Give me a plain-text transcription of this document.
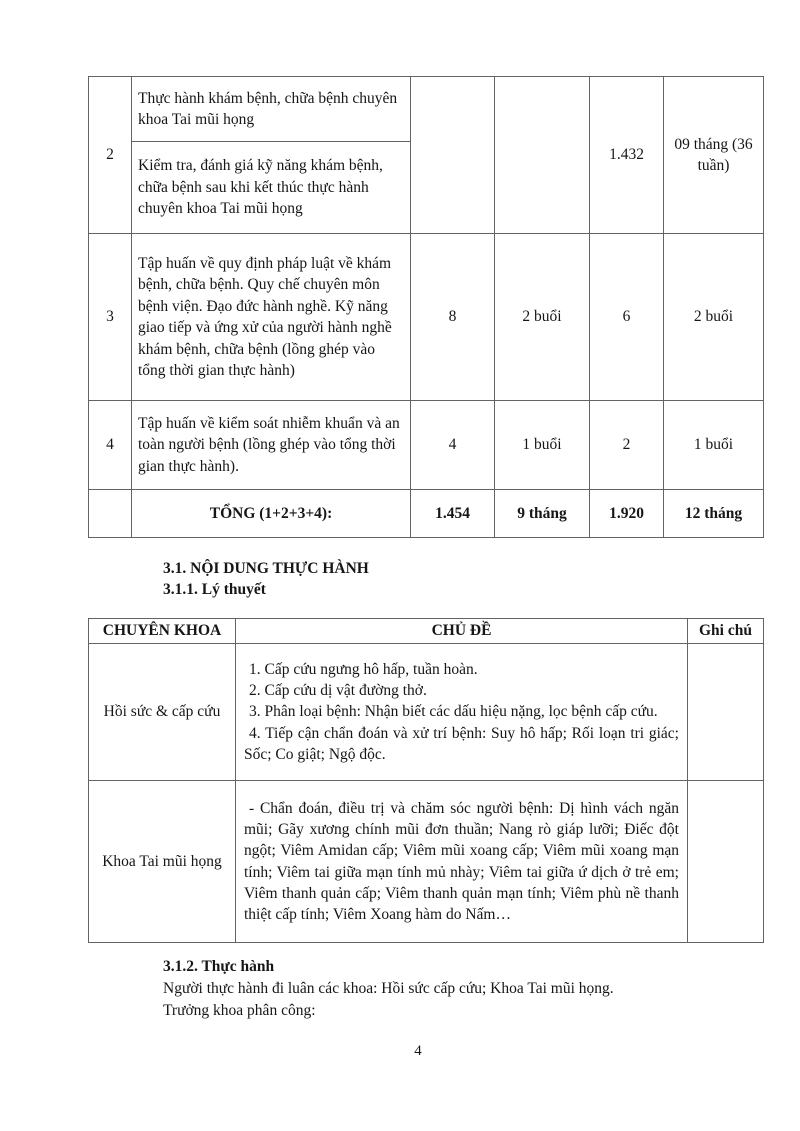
2	Thực hành khám bệnh, chữa bệnh chuyên khoa Tai mũi họng			1.432	09 tháng (36 tuần)
	Kiểm tra, đánh giá kỹ năng khám bệnh, chữa bệnh sau khi kết thúc thực hành chuyên khoa Tai mũi họng				
3	Tập huấn về quy định pháp luật về khám bệnh, chữa bệnh. Quy chế chuyên môn bệnh viện. Đạo đức hành nghề. Kỹ năng giao tiếp và ứng xử của người hành nghề khám bệnh, chữa bệnh (lồng ghép vào tổng thời gian thực hành)	8	2 buổi	6	2 buổi
4	Tập huấn về kiểm soát nhiễm khuẩn và an toàn người bệnh (lồng ghép vào tổng thời gian thực hành).	4	1 buổi	2	1 buổi
	TỔNG (1+2+3+4):	1.454	9 tháng	1.920	12 tháng
3.1. NỘI DUNG THỰC HÀNH
3.1.1. Lý thuyết
CHUYÊN KHOA	CHỦ ĐỀ	Ghi chú
Hồi sức & cấp cứu	1. Cấp cứu ngưng hô hấp, tuần hoàn.
2. Cấp cứu dị vật đường thở.
3. Phân loại bệnh: Nhận biết các dấu hiệu nặng, lọc bệnh cấp cứu.
4. Tiếp cận chẩn đoán và xử trí bệnh: Suy hô hấp; Rối loạn tri giác; Sốc; Co giật; Ngộ độc.	

Khoa Tai mũi họng	- Chẩn đoán, điều trị và chăm sóc người bệnh: Dị hình vách ngăn mũi; Gãy xương chính mũi đơn thuần; Nang rò giáp lưỡi; Điếc đột ngột; Viêm Amidan cấp; Viêm mũi xoang cấp; Viêm mũi xoang mạn tính; Viêm tai giữa mạn tính mủ nhày; Viêm tai giữa ứ dịch ở trẻ em; Viêm thanh quản cấp; Viêm thanh quản mạn tính; Viêm phù nề thanh thiệt cấp tính; Viêm Xoang hàm do Nấm…	

3.1.2. Thực hành
Người thực hành đi luân các khoa: Hồi sức cấp cứu; Khoa Tai mũi họng.
Trưởng khoa phân công:
4
